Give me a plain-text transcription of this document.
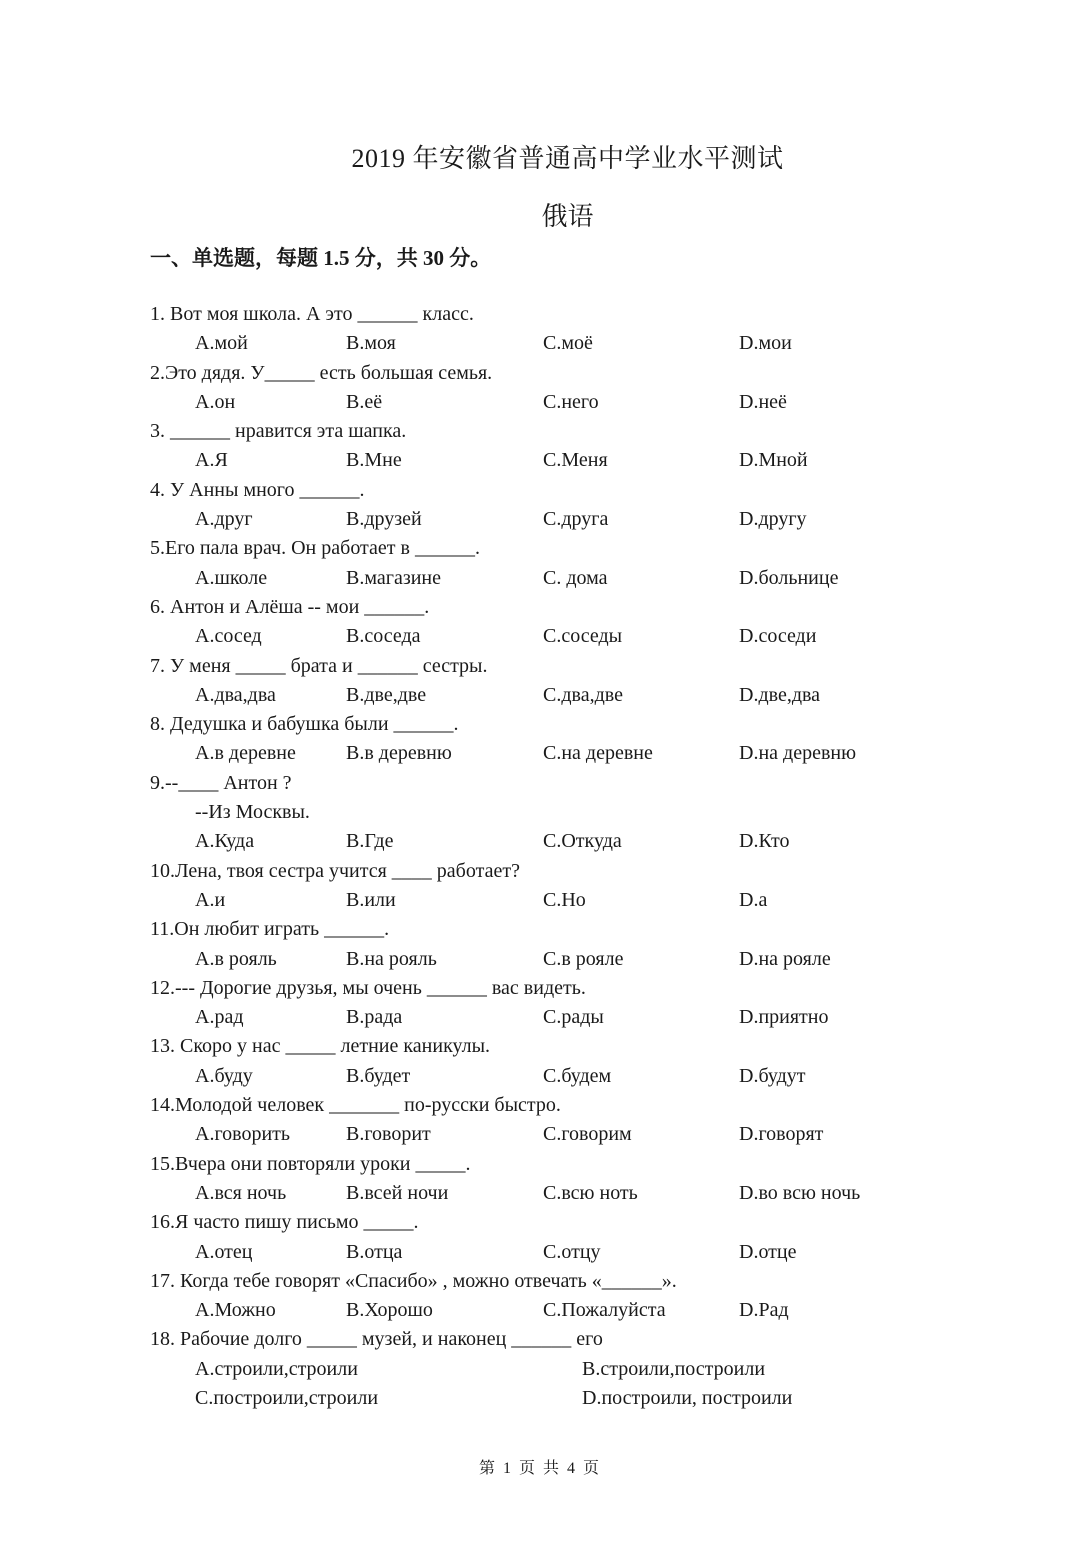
2019 年安徽省普通高中学业水平测试
俄语
一、单选题，每题 1.5 分，共 30 分。
1. Вот моя школа. А это ______ класс.
A.мой	B.моя	C.моё	D.мои
2.Это дядя. У_____ есть большая семья.
A.он	B.её	C.него	D.неё
3. ______ нравится эта шапка.
A.Я	B.Мне	C.Меня	D.Мной
4. У Анны много ______.
A.друг	B.друзей	C.друга	D.другу
5.Его пала врач. Он работает в ______.
A.школе	B.магазине	C. дома	D.больнице
6. Антон и Алёша -- мои ______.
A.сосед	B.соседа	C.соседы	D.соседи
7. У меня _____ брата и ______ сестры.
A.два,два	B.две,две	C.два,две	D.две,два
8. Дедушка и бабушка были ______.
A.в деревне	B.в деревню	C.на деревне	D.на деревню
9.--____ Антон ?
--Из Москвы.
A.Куда	B.Где	C.Откуда	D.Кто
10.Лена, твоя сестра учится ____ работает?
A.и	B.или	C.Но	D.a
11.Он любит играть ______.
A.в рояль	B.на рояль	C.в рояле	D.на рояле
12.--- Дорогие друзья, мы очень ______ вас видеть.
A.рад	B.рада	C.рады	D.приятно
13. Скоро у нас _____ летние каникулы.
A.буду	B.будет	C.будем	D.будут
14.Молодой человек _______ по-русски быстро.
A.говорить	B.говорит	C.говорим	D.говорят
15.Вчера они повторяли уроки _____.
A.вся ночь	B.всей ночи	C.всю ноть	D.во всю ночь
16.Я часто пишу письмо _____.
A.отец	B.отца	C.отцу	D.отце
17. Когда тебе говорят «Спасибо» , можно отвечать «______».
A.Можно	B.Хорошо	C.Пожалуйста	D.Рад
18. Рабочие долго _____ музей, и наконец ______ его
A.строили,строили	B.строили,построили
C.построили,строили	D.построили, построили
第 1 页 共 4 页
